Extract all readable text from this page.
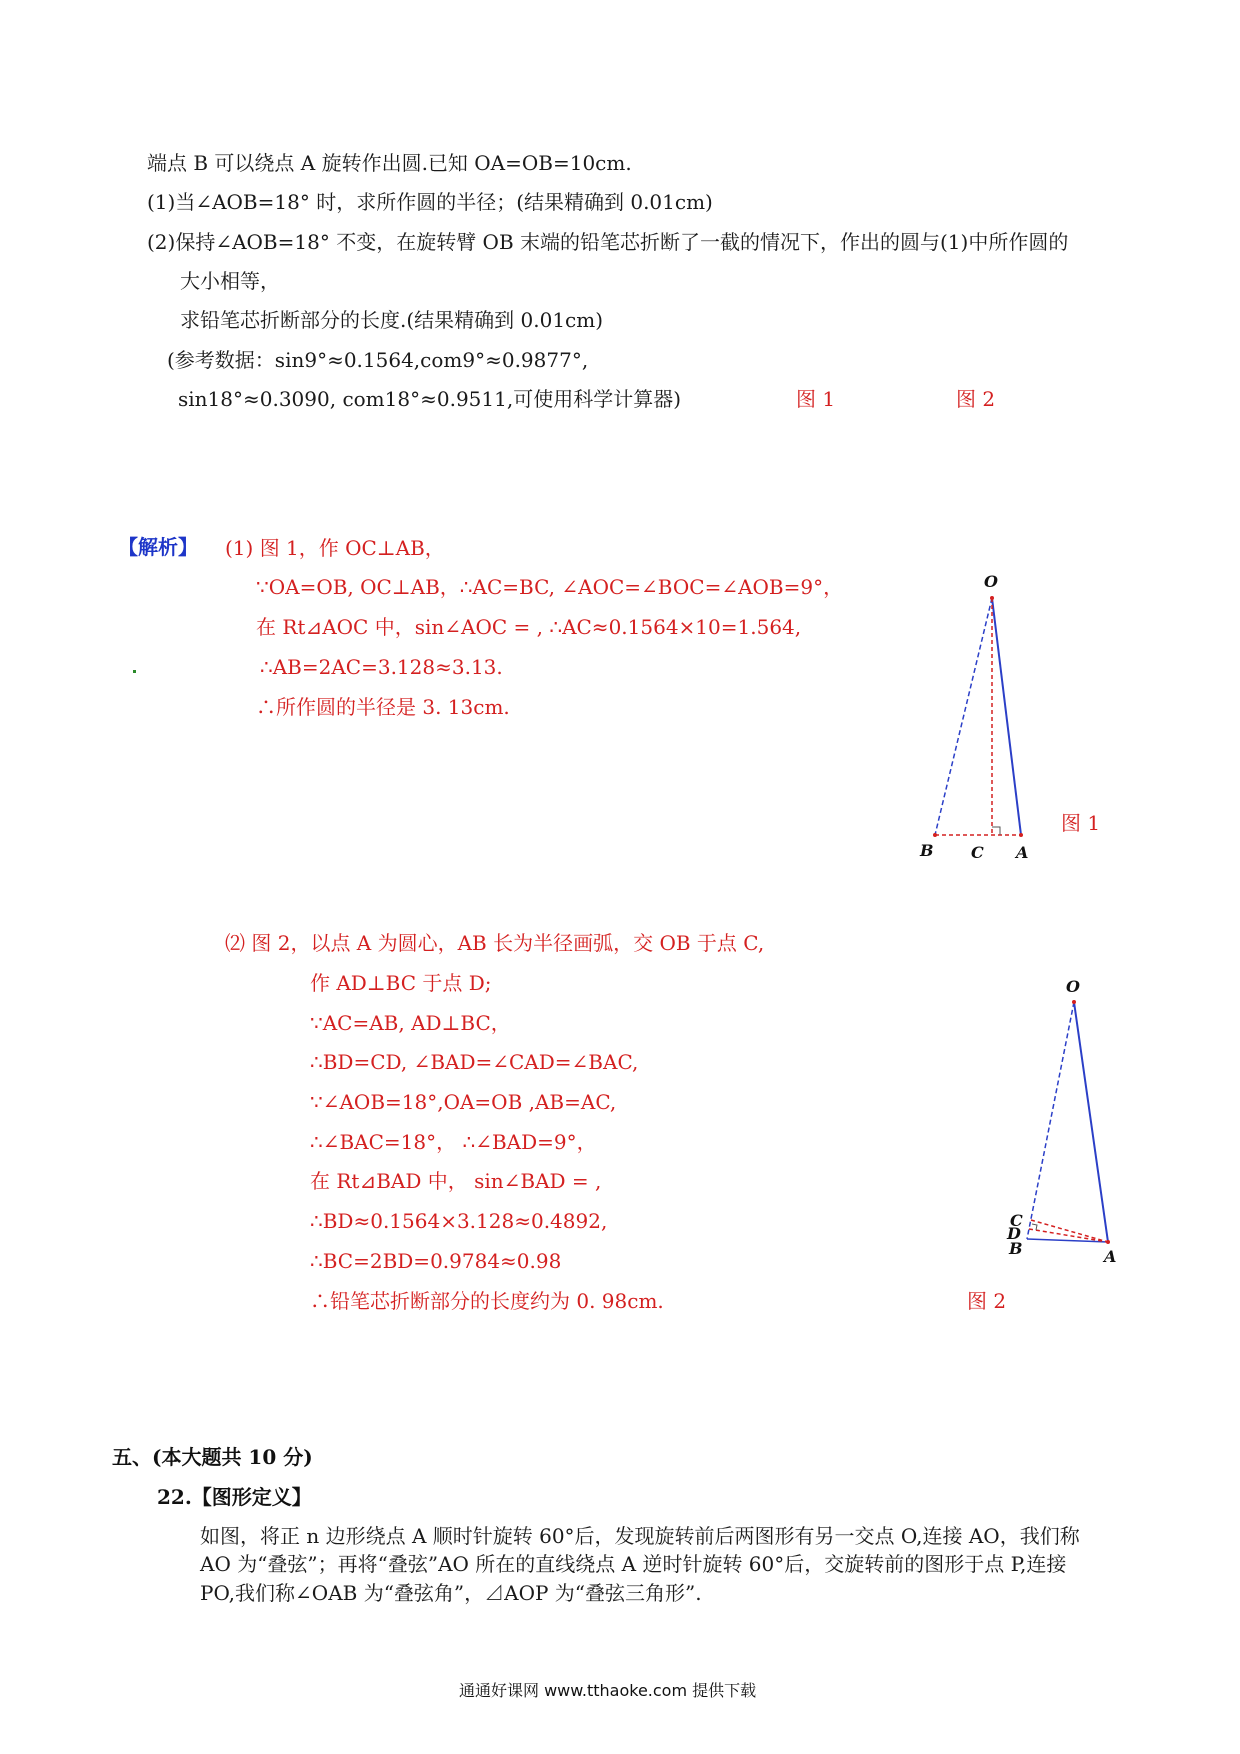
端点 B 可以绕点 A 旋转作出圆.已知 OA=OB=10cm.
(1)当∠AOB=18° 时，求所作圆的半径；(结果精确到 0.01cm)
(2)保持∠AOB=18° 不变，在旋转臂 OB 末端的铅笔芯折断了一截的情况下，作出的圆与(1)中所作圆的
大小相等，
求铅笔芯折断部分的长度.(结果精确到 0.01cm)
(参考数据：sin9°≈0.1564,com9°≈0.9877°,
sin18°≈0.3090, com18°≈0.9511,可使用科学计算器)	图 1	图 2
【解析】 (1) 图 1，作 OC⊥AB，
∵OA=OB, OC⊥AB，∴AC=BC, ∠AOC=∠BOC=∠AOB=9°，
在 Rt⊿AOC 中，sin∠AOC = , ∴AC≈0.1564×10=1.564,
∴AB=2AC=3.128≈3.13.
∴所作圆的半径是 3. 13cm.
O
B C A
图 1
⑵ 图 2，以点 A 为圆心，AB 长为半径画弧，交 OB 于点 C,
作 AD⊥BC 于点 D;
∵AC=AB, AD⊥BC，
∴BD=CD, ∠BAD=∠CAD=∠BAC,
∵∠AOB=18°,OA=OB ,AB=AC,
∴∠BAC=18°， ∴∠BAD=9°，
在 Rt⊿BAD 中， sin∠BAD = ,
∴BD≈0.1564×3.128≈0.4892,
∴BC=2BD=0.9784≈0.98
∴铅笔芯折断部分的长度约为 0. 98cm.
O
C
D
B	A
图 2
五、(本大题共 10 分)
22.【图形定义】
如图，将正 n 边形绕点 A 顺时针旋转 60°后，发现旋转前后两图形有另一交点 O,连接 AO，我们称
AO 为“叠弦”；再将“叠弦”AO 所在的直线绕点 A 逆时针旋转 60°后，交旋转前的图形于点 P,连接
PO,我们称∠OAB 为“叠弦角”，⊿AOP 为“叠弦三角形”.
通通好课网 www.tthaoke.com 提供下载
